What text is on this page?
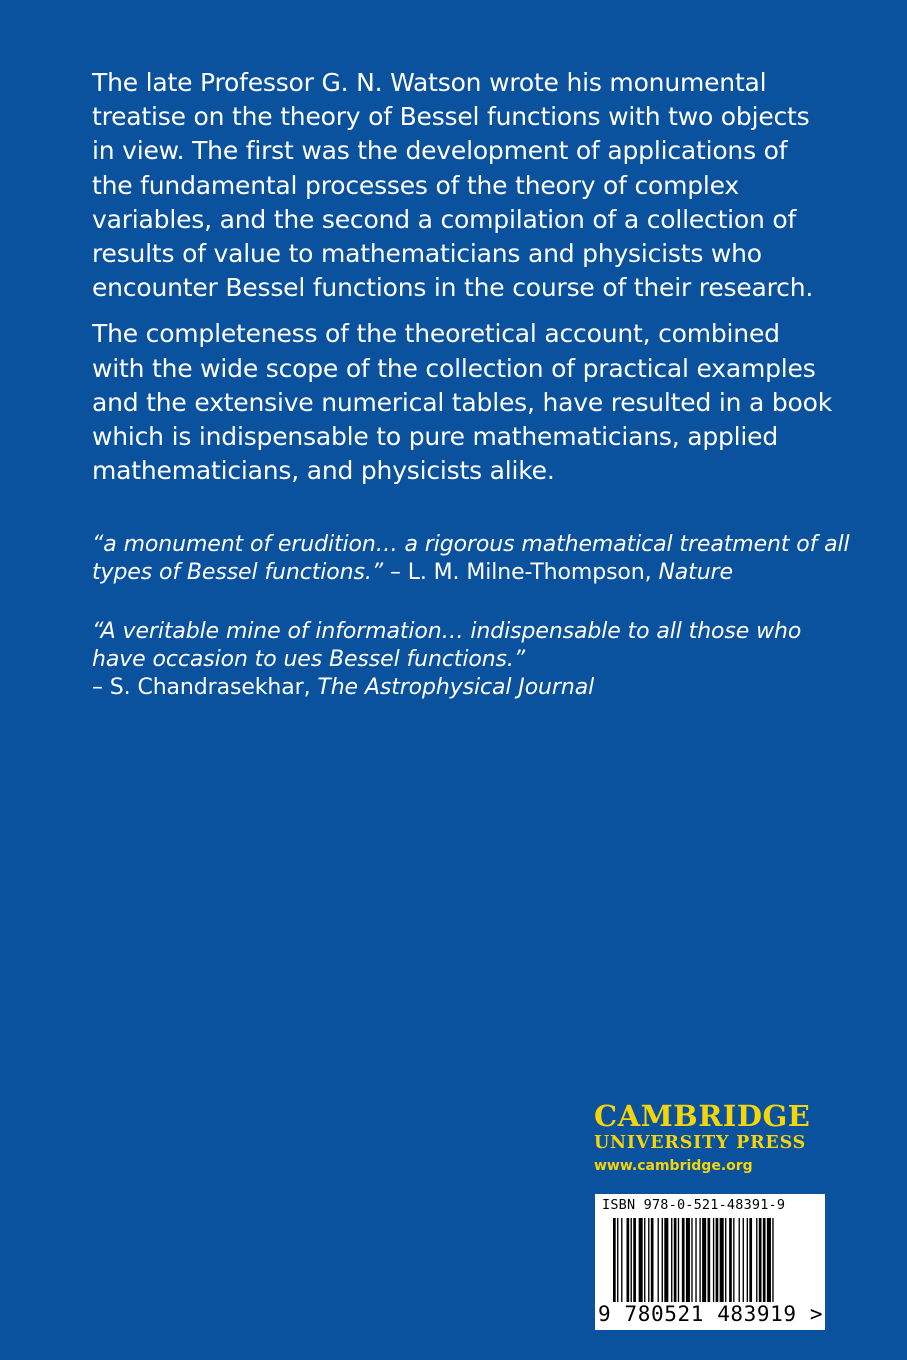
The late Professor G. N. Watson wrote his monumental treatise on the theory of Bessel functions with two objects in view. The first was the development of applications of the fundamental processes of the theory of complex variables, and the second a compilation of a collection of results of value to mathematicians and physicists who encounter Bessel functions in the course of their research.

The completeness of the theoretical account, combined with the wide scope of the collection of practical examples and the extensive numerical tables, have resulted in a book which is indispensable to pure mathematicians, applied mathematicians, and physicists alike.

“a monument of erudition… a rigorous mathematical treatment of all types of Bessel functions.” – L. M. Milne-Thompson, Nature
“A veritable mine of information… indispensable to all those who have occasion to ues Bessel functions.”
– S. Chandrasekhar, The Astrophysical Journal
CAMBRIDGE
UNIVERSITY PRESS
www.cambridge.org
ISBN 978-0-521-48391-9
9 780521 483919 >
